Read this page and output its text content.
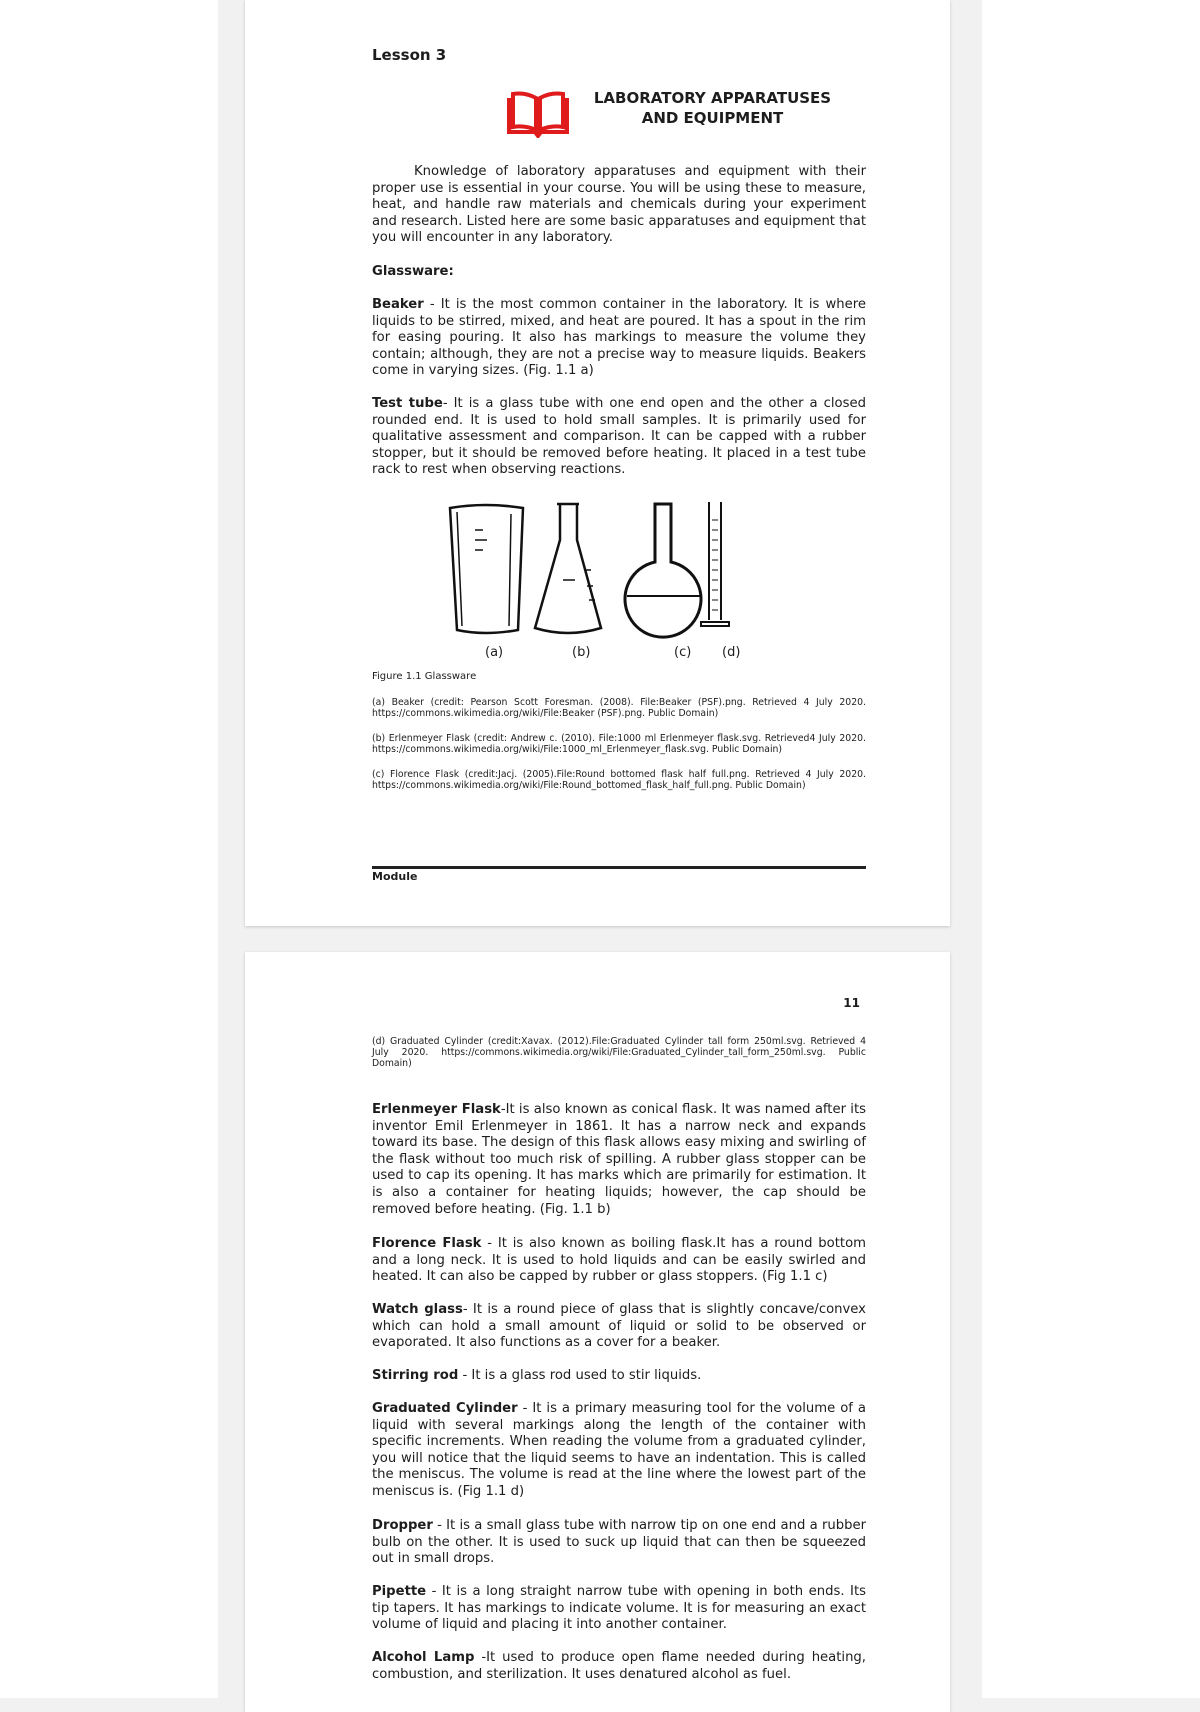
Lesson 3
LABORATORY APPARATUSES
AND EQUIPMENT

Knowledge of laboratory apparatuses and equipment with their proper use is essential in your course. You will be using these to measure, heat, and handle raw materials and chemicals during your experiment and research. Listed here are some basic apparatuses and equipment that you will encounter in any laboratory.

Glassware:

Beaker - It is the most common container in the laboratory. It is where liquids to be stirred, mixed, and heat are poured. It has a spout in the rim for easing pouring. It also has markings to measure the volume they contain; although, they are not a precise way to measure liquids. Beakers come in varying sizes. (Fig. 1.1 a)

Test tube- It is a glass tube with one end open and the other a closed rounded end. It is used to hold small samples. It is primarily used for qualitative assessment and comparison. It can be capped with a rubber stopper, but it should be removed before heating. It placed in a test tube rack to rest when observing reactions.

(a)	(b)	(c) (d)
Figure 1.1 Glassware
(a) Beaker (credit: Pearson Scott Foresman. (2008). File:Beaker (PSF).png. Retrieved 4 July 2020. https://commons.wikimedia.org/wiki/File:Beaker (PSF).png. Public Domain)
(b) Erlenmeyer Flask (credit: Andrew c. (2010). File:1000 ml Erlenmeyer flask.svg. Retrieved4 July 2020. https://commons.wikimedia.org/wiki/File:1000_ml_Erlenmeyer_flask.svg. Public Domain)
(c) Florence Flask (credit:Jacj. (2005).File:Round bottomed flask half full.png. Retrieved 4 July 2020. https://commons.wikimedia.org/wiki/File:Round_bottomed_flask_half_full.png. Public Domain)
Module
11
(d) Graduated Cylinder (credit:Xavax. (2012).File:Graduated Cylinder tall form 250ml.svg. Retrieved 4 July 2020. https://commons.wikimedia.org/wiki/File:Graduated_Cylinder_tall_form_250ml.svg. Public Domain)

Erlenmeyer Flask-It is also known as conical flask. It was named after its inventor Emil Erlenmeyer in 1861. It has a narrow neck and expands toward its base. The design of this flask allows easy mixing and swirling of the flask without too much risk of spilling. A rubber glass stopper can be used to cap its opening. It has marks which are primarily for estimation. It is also a container for heating liquids; however, the cap should be removed before heating. (Fig. 1.1 b)

Florence Flask - It is also known as boiling flask.It has a round bottom and a long neck. It is used to hold liquids and can be easily swirled and heated. It can also be capped by rubber or glass stoppers. (Fig 1.1 c)

Watch glass- It is a round piece of glass that is slightly concave/convex which can hold a small amount of liquid or solid to be observed or evaporated. It also functions as a cover for a beaker.

Stirring rod - It is a glass rod used to stir liquids.

Graduated Cylinder - It is a primary measuring tool for the volume of a liquid with several markings along the length of the container with specific increments. When reading the volume from a graduated cylinder, you will notice that the liquid seems to have an indentation. This is called the meniscus. The volume is read at the line where the lowest part of the meniscus is. (Fig 1.1 d)

Dropper - It is a small glass tube with narrow tip on one end and a rubber bulb on the other. It is used to suck up liquid that can then be squeezed out in small drops.

Pipette - It is a long straight narrow tube with opening in both ends. Its tip tapers. It has markings to indicate volume. It is for measuring an exact volume of liquid and placing it into another container.

Alcohol Lamp -It used to produce open flame needed during heating, combustion, and sterilization. It uses denatured alcohol as fuel.
